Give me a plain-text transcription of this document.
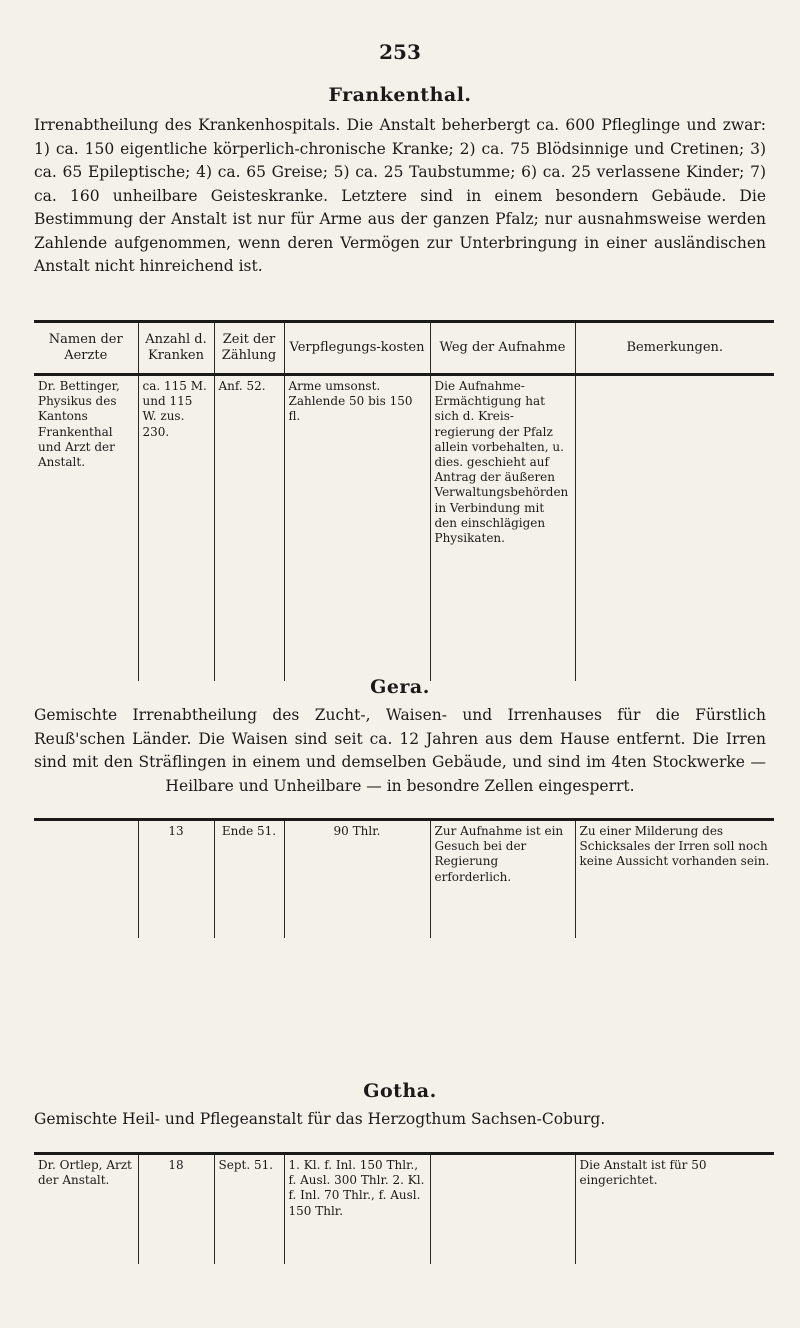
253
Frankenthal.
Irrenabtheilung des Krankenhospitals. Die Anstalt beherbergt ca. 600 Pfleglinge und zwar: 1) ca. 150 eigentliche körperlich-chronische Kranke; 2) ca. 75 Blödsinnige und Cretinen; 3) ca. 65 Epileptische; 4) ca. 65 Greise; 5) ca. 25 Taubstumme; 6) ca. 25 verlassene Kinder; 7) ca. 160 unheilbare Geisteskranke. Letztere sind in einem besondern Gebäude. Die Bestimmung der Anstalt ist nur für Arme aus der ganzen Pfalz; nur ausnahmsweise werden Zahlende aufgenommen, wenn deren Vermögen zur Unterbringung in einer ausländischen Anstalt nicht hinreichend ist.
Namen der Aerzte	Anzahl d. Kranken	Zeit der Zählung	Verpflegungs-kosten	Weg der Aufnahme	Bemerkungen.
Dr. Bettinger, Physikus des Kantons Frankenthal und Arzt der Anstalt.	ca. 115 M. und 115 W. zus. 230.	Anf. 52.	Arme umsonst. Zahlende 50 bis 150 fl.	Die Aufnahme-Ermächtigung hat sich d. Kreis-regierung der Pfalz allein vorbehalten, u. dies. geschieht auf Antrag der äußeren Verwaltungsbehörden in Verbindung mit den einschlägigen Physikaten.	
Gera.
Gemischte Irrenabtheilung des Zucht-, Waisen- und Irrenhauses für die Fürstlich Reuß'schen Länder. Die Waisen sind seit ca. 12 Jahren aus dem Hause entfernt. Die Irren sind mit den Sträflingen in einem und demselben Gebäude, und sind im 4ten Stockwerke — Heilbare und Unheilbare — in besondre Zellen eingesperrt.
	13	Ende 51.	90 Thlr.	Zur Aufnahme ist ein Gesuch bei der Regierung erforderlich.	Zu einer Milderung des Schicksales der Irren soll noch keine Aussicht vorhanden sein.
Gotha.
Gemischte Heil- und Pflegeanstalt für das Herzogthum Sachsen-Coburg.
Dr. Ortlep, Arzt der Anstalt.	18	Sept. 51.	1. Kl. f. Inl. 150 Thlr., f. Ausl. 300 Thlr. 2. Kl. f. Inl. 70 Thlr., f. Ausl. 150 Thlr.		Die Anstalt ist für 50 eingerichtet.
